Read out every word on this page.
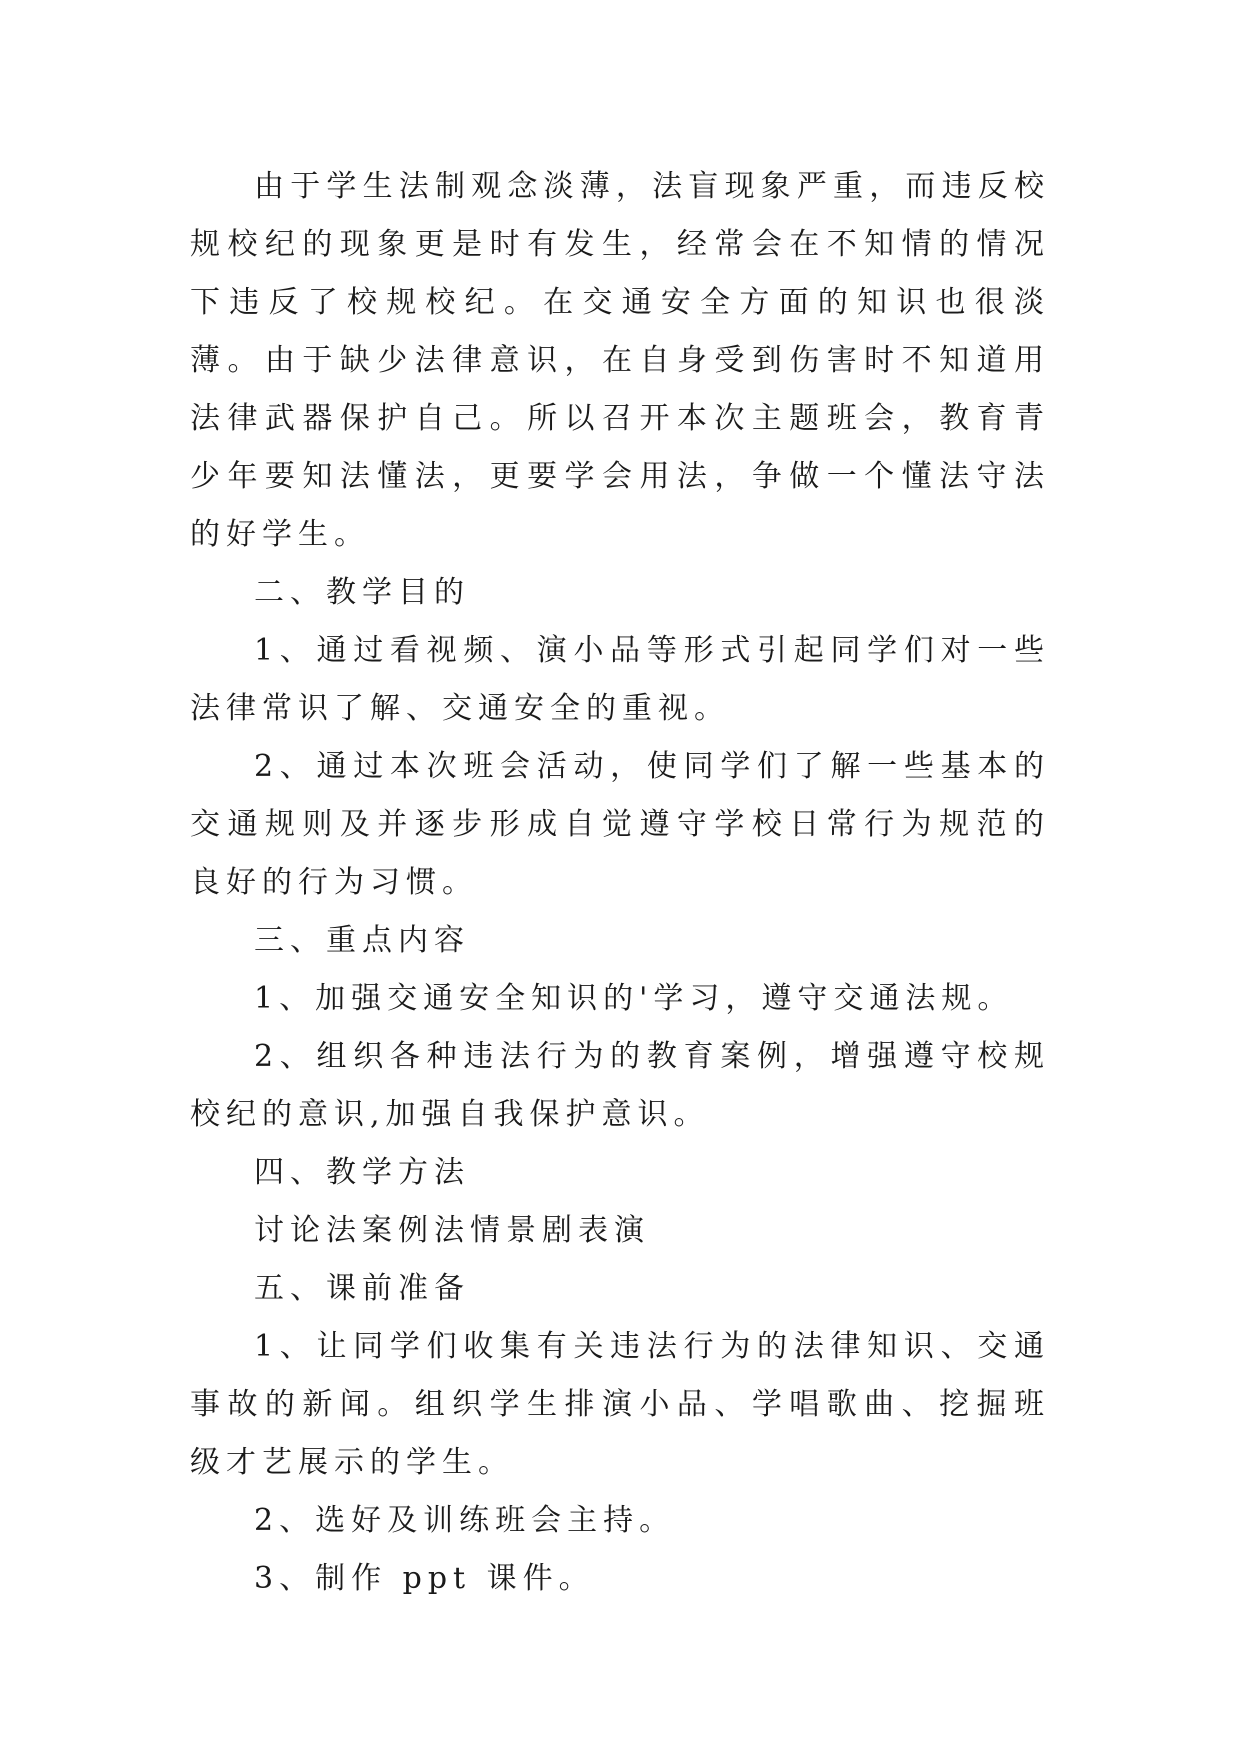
由于学生法制观念淡薄，法盲现象严重，而违反校规校纪的现象更是时有发生，经常会在不知情的情况下违反了校规校纪。在交通安全方面的知识也很淡薄。由于缺少法律意识，在自身受到伤害时不知道用法律武器保护自己。所以召开本次主题班会，教育青少年要知法懂法，更要学会用法，争做一个懂法守法的好学生。

二、教学目的

1、通过看视频、演小品等形式引起同学们对一些法律常识了解、交通安全的重视。

2、通过本次班会活动，使同学们了解一些基本的交通规则及并逐步形成自觉遵守学校日常行为规范的良好的行为习惯。

三、重点内容

1、加强交通安全知识的'学习，遵守交通法规。

2、组织各种违法行为的教育案例，增强遵守校规校纪的意识,加强自我保护意识。

四、教学方法

讨论法案例法情景剧表演

五、课前准备

1、让同学们收集有关违法行为的法律知识、交通事故的新闻。组织学生排演小品、学唱歌曲、挖掘班级才艺展示的学生。

2、选好及训练班会主持。

3、制作 ppt 课件。
